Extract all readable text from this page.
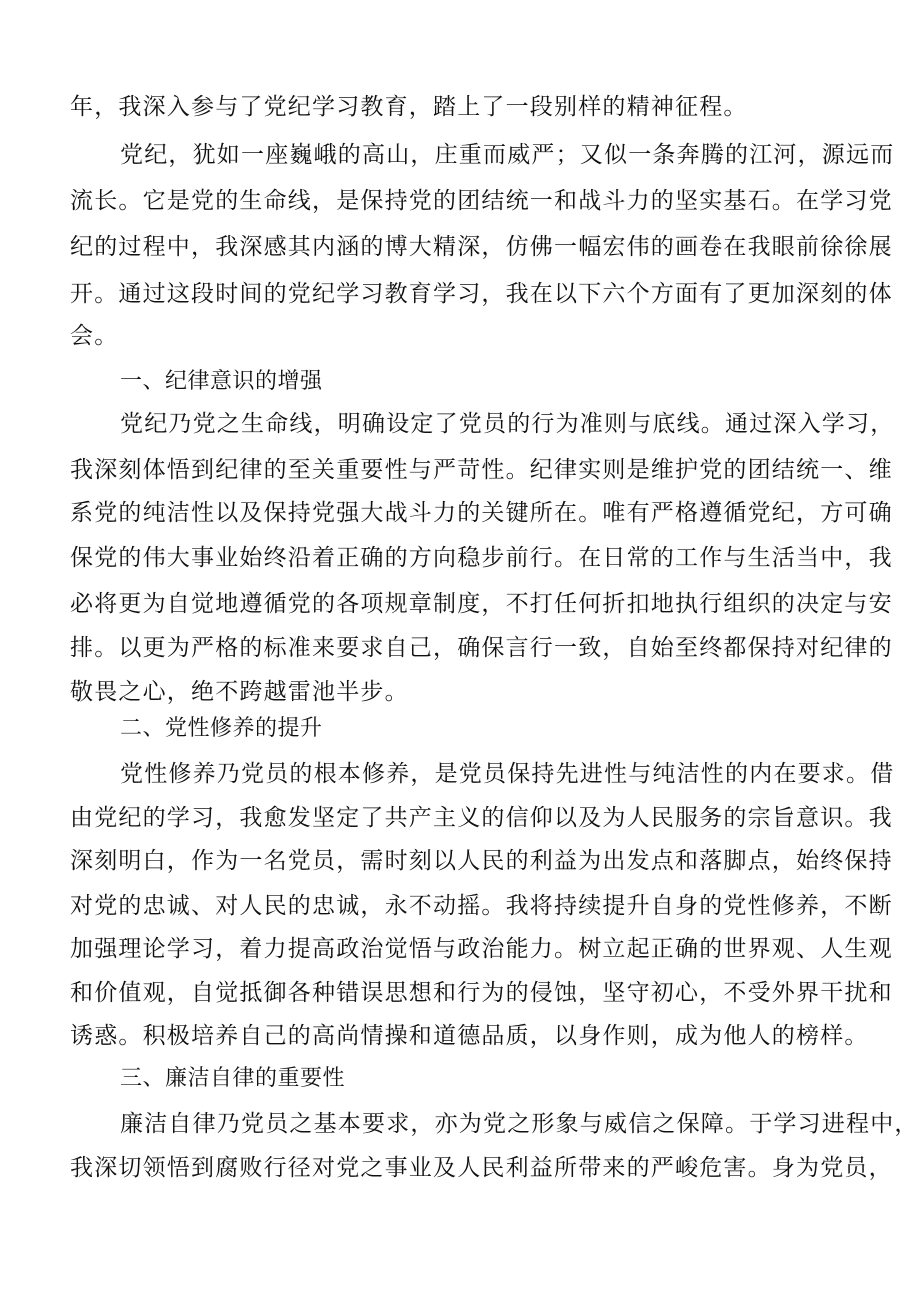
年，我深入参与了党纪学习教育，踏上了一段别样的精神征程。
党纪，犹如一座巍峨的高山，庄重而威严；又似一条奔腾的江河，源远而
流长。它是党的生命线，是保持党的团结统一和战斗力的坚实基石。在学习党
纪的过程中，我深感其内涵的博大精深，仿佛一幅宏伟的画卷在我眼前徐徐展
开。通过这段时间的党纪学习教育学习，我在以下六个方面有了更加深刻的体
会。
一、纪律意识的增强
党纪乃党之生命线，明确设定了党员的行为准则与底线。通过深入学习，
我深刻体悟到纪律的至关重要性与严苛性。纪律实则是维护党的团结统一、维
系党的纯洁性以及保持党强大战斗力的关键所在。唯有严格遵循党纪，方可确
保党的伟大事业始终沿着正确的方向稳步前行。在日常的工作与生活当中，我
必将更为自觉地遵循党的各项规章制度，不打任何折扣地执行组织的决定与安
排。以更为严格的标准来要求自己，确保言行一致，自始至终都保持对纪律的
敬畏之心，绝不跨越雷池半步。
二、党性修养的提升
党性修养乃党员的根本修养，是党员保持先进性与纯洁性的内在要求。借
由党纪的学习，我愈发坚定了共产主义的信仰以及为人民服务的宗旨意识。我
深刻明白，作为一名党员，需时刻以人民的利益为出发点和落脚点，始终保持
对党的忠诚、对人民的忠诚，永不动摇。我将持续提升自身的党性修养，不断
加强理论学习，着力提高政治觉悟与政治能力。树立起正确的世界观、人生观
和价值观，自觉抵御各种错误思想和行为的侵蚀，坚守初心，不受外界干扰和
诱惑。积极培养自己的高尚情操和道德品质，以身作则，成为他人的榜样。
三、廉洁自律的重要性
廉洁自律乃党员之基本要求，亦为党之形象与威信之保障。于学习进程中，
我深切领悟到腐败行径对党之事业及人民利益所带来的严峻危害。身为党员，
